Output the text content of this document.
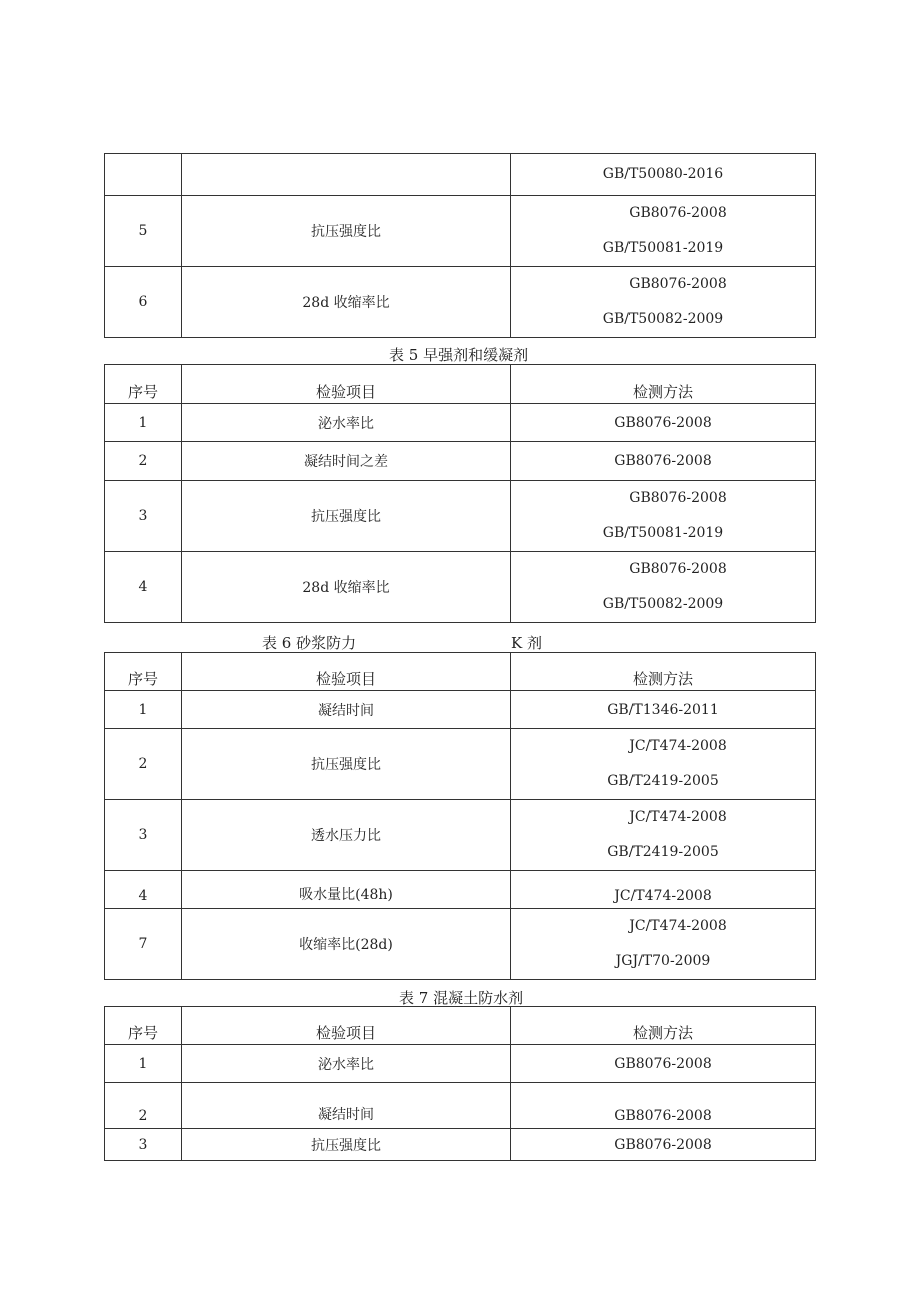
		GB/T50080-2016

5	抗压强度比	GB8076-2008
GB/T50081-2019

6	28d 收缩率比	GB8076-2008
GB/T50082-2009
表 5 早强剂和缓凝剂
序号	检验项目	检测方法
1	泌水率比	GB8076-2008
2	凝结时间之差	GB8076-2008
3	抗压强度比	GB8076-2008
GB/T50081-2019

4	28d 收缩率比	GB8076-2008
GB/T50082-2009
表 6 砂浆防力	K 剂
序号	检验项目	检测方法
1	凝结时间	GB/T1346-2011
2	抗压强度比	JC/T474-2008
GB/T2419-2005

3	透水压力比	JC/T474-2008
GB/T2419-2005

4	吸水量比(48h)	JC/T474-2008
7	收缩率比(28d)	JC/T474-2008
JGJ/T70-2009
表 7 混凝土防水剂
序号	检验项目	检测方法
1	泌水率比	GB8076-2008
2	凝结时间	GB8076-2008
3	抗压强度比	GB8076-2008
